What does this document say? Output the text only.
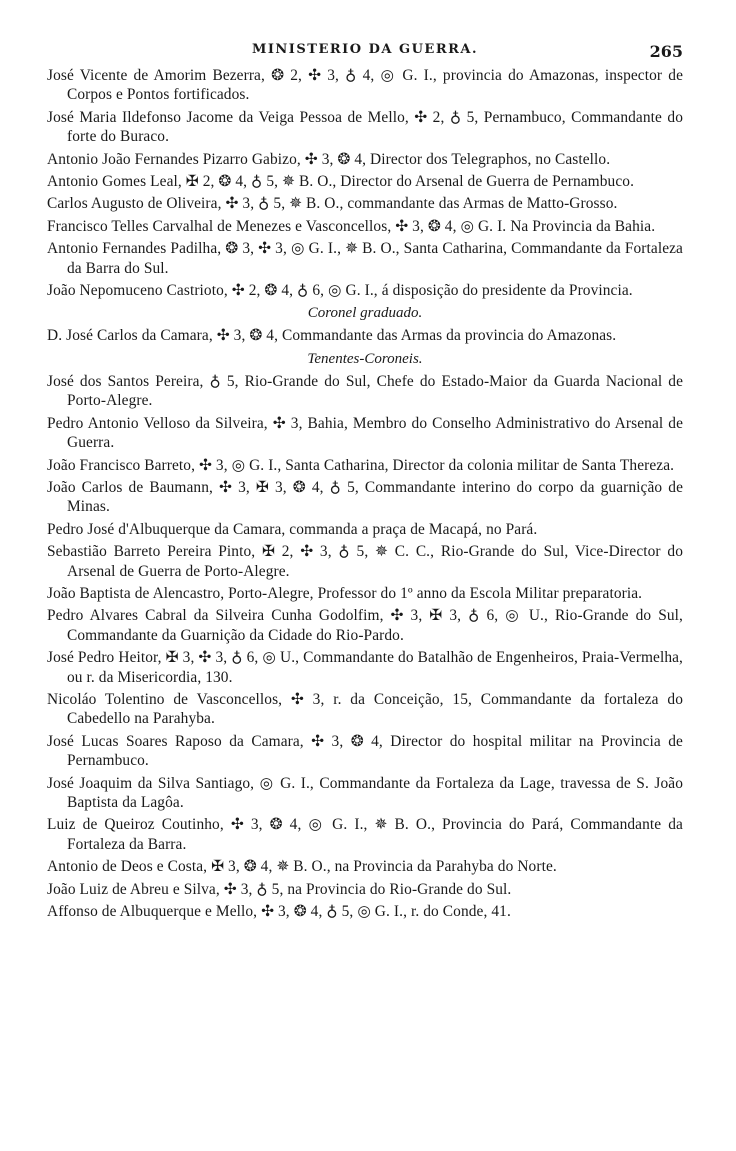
MINISTERIO DA GUERRA.	265

José Vicente de Amorim Bezerra, ❂ 2, ✣ 3, ♁ 4, ◎ G. I., provincia do Amazonas, inspector de Corpos e Pontos fortificados.

José Maria Ildefonso Jacome da Veiga Pessoa de Mello, ✣ 2, ♁ 5, Pernambuco, Commandante do forte do Buraco.

Antonio João Fernandes Pizarro Gabizo, ✣ 3, ❂ 4, Director dos Telegraphos, no Castello.

Antonio Gomes Leal, ✠ 2, ❂ 4, ♁ 5, ✵ B. O., Director do Arsenal de Guerra de Pernambuco.

Carlos Augusto de Oliveira, ✣ 3, ♁ 5, ✵ B. O., commandante das Armas de Matto-Grosso.

Francisco Telles Carvalhal de Menezes e Vasconcellos, ✣ 3, ❂ 4, ◎ G. I. Na Provincia da Bahia.

Antonio Fernandes Padilha, ❂ 3, ✣ 3, ◎ G. I., ✵ B. O., Santa Catharina, Commandante da Fortaleza da Barra do Sul.

João Nepomuceno Castrioto, ✣ 2, ❂ 4, ♁ 6, ◎ G. I., á disposição do presidente da Provincia.

Coronel graduado.

D. José Carlos da Camara, ✣ 3, ❂ 4, Commandante das Armas da provincia do Amazonas.

Tenentes-Coroneis.

José dos Santos Pereira, ♁ 5, Rio-Grande do Sul, Chefe do Estado-Maior da Guarda Nacional de Porto-Alegre.

Pedro Antonio Velloso da Silveira, ✣ 3, Bahia, Membro do Conselho Administrativo do Arsenal de Guerra.

João Francisco Barreto, ✣ 3, ◎ G. I., Santa Catharina, Director da colonia militar de Santa Thereza.

João Carlos de Baumann, ✣ 3, ✠ 3, ❂ 4, ♁ 5, Commandante interino do corpo da guarnição de Minas.

Pedro José d'Albuquerque da Camara, commanda a praça de Macapá, no Pará.

Sebastião Barreto Pereira Pinto, ✠ 2, ✣ 3, ♁ 5, ✵ C. C., Rio-Grande do Sul, Vice-Director do Arsenal de Guerra de Porto-Alegre.

João Baptista de Alencastro, Porto-Alegre, Professor do 1º anno da Escola Militar preparatoria.

Pedro Alvares Cabral da Silveira Cunha Godolfim, ✣ 3, ✠ 3, ♁ 6, ◎ U., Rio-Grande do Sul, Commandante da Guarnição da Cidade do Rio-Pardo.

José Pedro Heitor, ✠ 3, ✣ 3, ♁ 6, ◎ U., Commandante do Batalhão de Engenheiros, Praia-Vermelha, ou r. da Misericordia, 130.

Nicoláo Tolentino de Vasconcellos, ✣ 3, r. da Conceição, 15, Commandante da fortaleza do Cabedello na Parahyba.

José Lucas Soares Raposo da Camara, ✣ 3, ❂ 4, Director do hospital militar na Provincia de Pernambuco.

José Joaquim da Silva Santiago, ◎ G. I., Commandante da Fortaleza da Lage, travessa de S. João Baptista da Lagôa.

Luiz de Queiroz Coutinho, ✣ 3, ❂ 4, ◎ G. I., ✵ B. O., Provincia do Pará, Commandante da Fortaleza da Barra.

Antonio de Deos e Costa, ✠ 3, ❂ 4, ✵ B. O., na Provincia da Parahyba do Norte.

João Luiz de Abreu e Silva, ✣ 3, ♁ 5, na Provincia do Rio-Grande do Sul.

Affonso de Albuquerque e Mello, ✣ 3, ❂ 4, ♁ 5, ◎ G. I., r. do Conde, 41.
